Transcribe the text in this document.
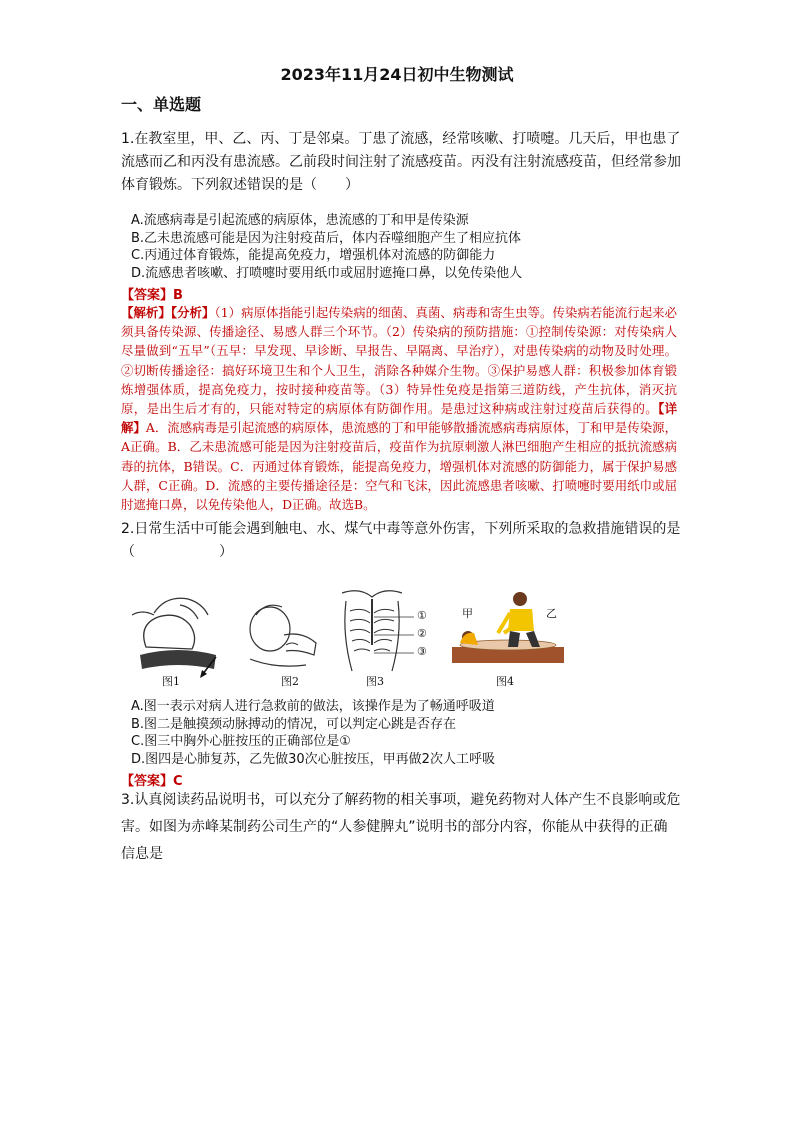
2023年11月24日初中生物测试
一、单选题
1.在教室里，甲、乙、丙、丁是邻桌。丁患了流感，经常咳嗽、打喷嚏。几天后，甲也患了流感而乙和丙没有患流感。乙前段时间注射了流感疫苗。丙没有注射流感疫苗，但经常参加体育锻炼。下列叙述错误的是（　　）
A.流感病毒是引起流感的病原体，患流感的丁和甲是传染源
B.乙未患流感可能是因为注射疫苗后，体内吞噬细胞产生了相应抗体
C.丙通过体育锻炼，能提高免疫力，增强机体对流感的防御能力
D.流感患者咳嗽、打喷嚏时要用纸巾或屈肘遮掩口鼻，以免传染他人
【答案】B
【解析】【分析】（1）病原体指能引起传染病的细菌、真菌、病毒和寄生虫等。传染病若能流行起来必须具备传染源、传播途径、易感人群三个环节。（2）传染病的预防措施：①控制传染源：对传染病人尽量做到“五早”（五早：早发现、早诊断、早报告、早隔离、早治疗），对患传染病的动物及时处理。②切断传播途径：搞好环境卫生和个人卫生，消除各种媒介生物。③保护易感人群：积极参加体育锻炼增强体质，提高免疫力，按时接种疫苗等。（3）特异性免疫是指第三道防线，产生抗体，消灭抗原，是出生后才有的，只能对特定的病原体有防御作用。是患过这种病或注射过疫苗后获得的。【详解】A．流感病毒是引起流感的病原体，患流感的丁和甲能够散播流感病毒病原体，丁和甲是传染源，A正确。B．乙未患流感可能是因为注射疫苗后，疫苗作为抗原刺激人淋巴细胞产生相应的抵抗流感病毒的抗体，B错误。C．丙通过体育锻炼，能提高免疫力，增强机体对流感的防御能力，属于保护易感人群，C正确。D．流感的主要传播途径是：空气和飞沫，因此流感患者咳嗽、打喷嚏时要用纸巾或屈肘遮掩口鼻，以免传染他人，D正确。故选B。
2.日常生活中可能会遇到触电、水、煤气中毒等意外伤害，下列所采取的急救措施错误的是（　　　　　　）
图1	图2
①
②
③
图3
甲	乙
图4
A.图一表示对病人进行急救前的做法，该操作是为了畅通呼吸道
B.图二是触摸颈动脉搏动的情况，可以判定心跳是否存在
C.图三中胸外心脏按压的正确部位是①
D.图四是心肺复苏，乙先做30次心脏按压，甲再做2次人工呼吸
【答案】C
3.认真阅读药品说明书，可以充分了解药物的相关事项，避免药物对人体产生不良影响或危害。如图为赤峰某制药公司生产的“人参健脾丸”说明书的部分内容，你能从中获得的正确信息是
